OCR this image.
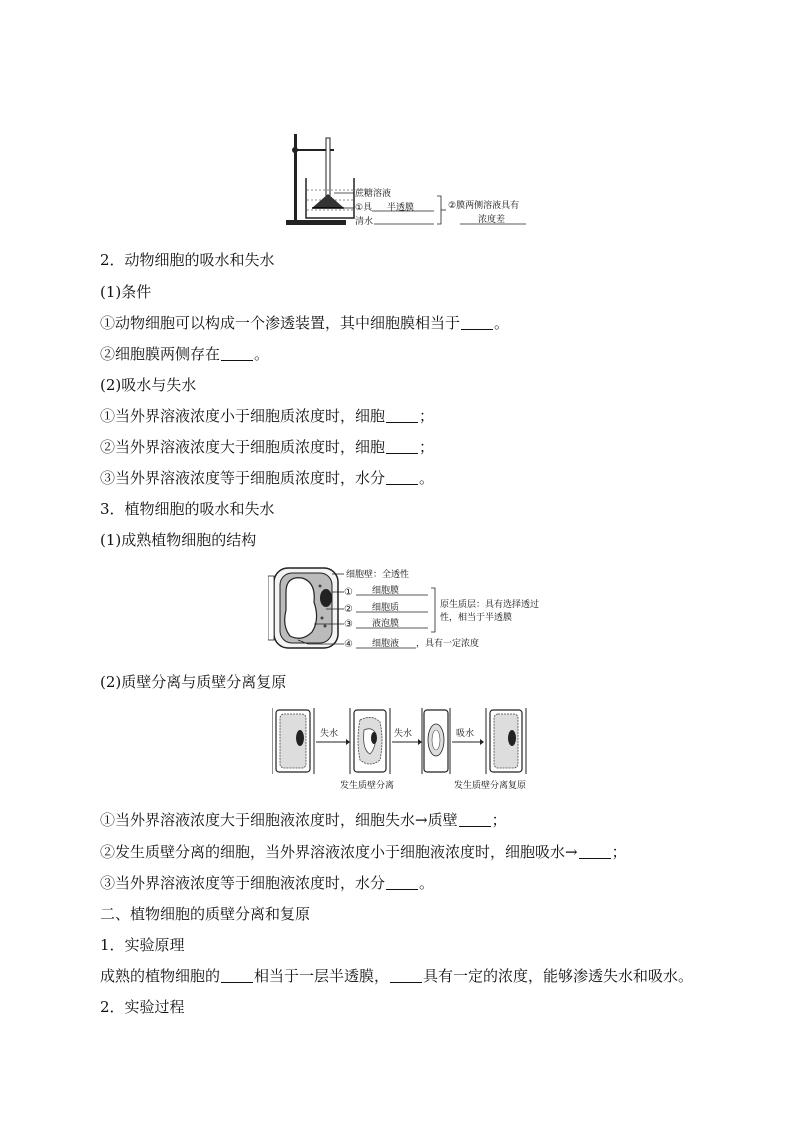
蔗糖溶液
①具 半透膜
清水
②膜两侧溶液具有
浓度差
2．动物细胞的吸水和失水
(1)条件
①动物细胞可以构成一个渗透装置，其中细胞膜相当于 。
②细胞膜两侧存在 。
(2)吸水与失水
①当外界溶液浓度小于细胞质浓度时，细胞 ；
②当外界溶液浓度大于细胞质浓度时，细胞 ；
③当外界溶液浓度等于细胞质浓度时，水分 。
3．植物细胞的吸水和失水
(1)成熟植物细胞的结构
细胞壁：全透性
①
②
③
④
细胞膜
细胞质
液泡膜
细胞液 ，具有一定浓度
原生质层：具有选择透过
性，相当于半透膜
(2)质壁分离与质壁分离复原
失水	失水	吸水
发生质壁分离	发生质壁分离复原
①当外界溶液浓度大于细胞液浓度时，细胞失水→质壁 ；
②发生质壁分离的细胞，当外界溶液浓度小于细胞液浓度时，细胞吸水→ ；
③当外界溶液浓度等于细胞液浓度时，水分 。
二、植物细胞的质壁分离和复原
1．实验原理
成熟的植物细胞的 相当于一层半透膜， 具有一定的浓度，能够渗透失水和吸水。
2．实验过程
